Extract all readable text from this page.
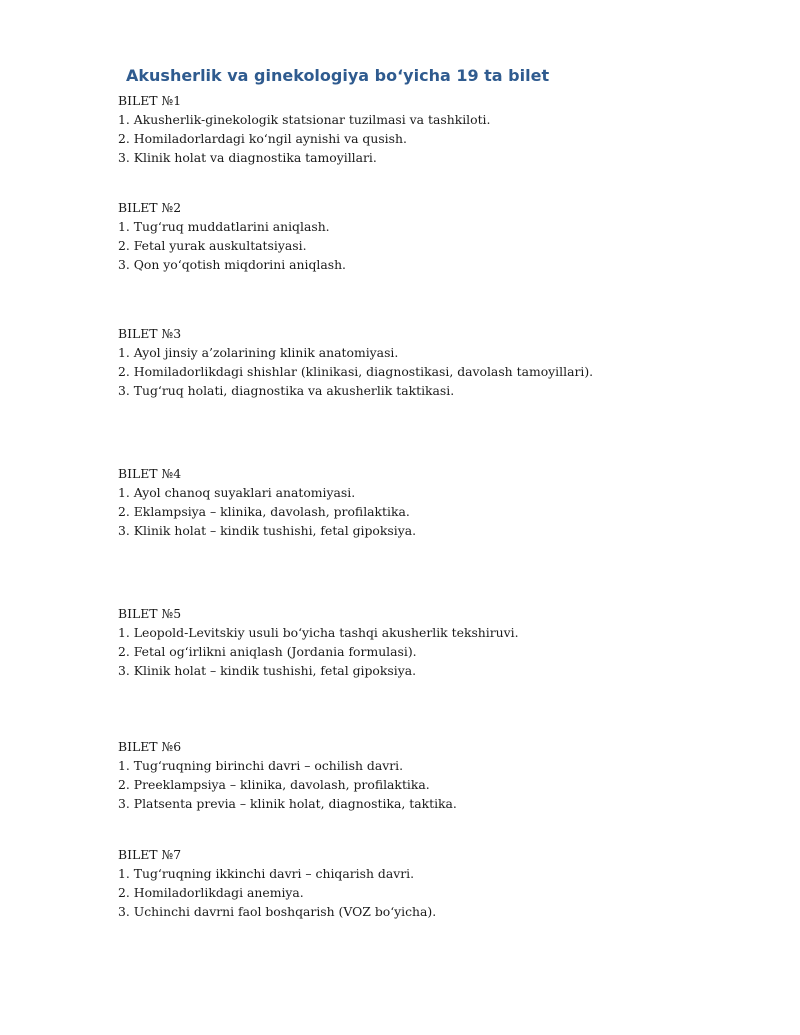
Akusherlik va ginekologiya bo‘yicha 19 ta bilet
BILET №1
1. Akusherlik-ginekologik statsionar tuzilmasi va tashkiloti.
2. Homiladorlardagi ko‘ngil aynishi va qusish.
3. Klinik holat va diagnostika tamoyillari.
BILET №2
1. Tug‘ruq muddatlarini aniqlash.
2. Fetal yurak auskultatsiyasi.
3. Qon yo‘qotish miqdorini aniqlash.
BILET №3
1. Ayol jinsiy a’zolarining klinik anatomiyasi.
2. Homiladorlikdagi shishlar (klinikasi, diagnostikasi, davolash tamoyillari).
3. Tug‘ruq holati, diagnostika va akusherlik taktikasi.
BILET №4
1. Ayol chanoq suyaklari anatomiyasi.
2. Eklampsiya – klinika, davolash, profilaktika.
3. Klinik holat – kindik tushishi, fetal gipoksiya.
BILET №5
1. Leopold-Levitskiy usuli bo‘yicha tashqi akusherlik tekshiruvi.
2. Fetal og‘irlikni aniqlash (Jordania formulasi).
3. Klinik holat – kindik tushishi, fetal gipoksiya.
BILET №6
1. Tug‘ruqning birinchi davri – ochilish davri.
2. Preeklampsiya – klinika, davolash, profilaktika.
3. Platsenta previa – klinik holat, diagnostika, taktika.
BILET №7
1. Tug‘ruqning ikkinchi davri – chiqarish davri.
2. Homiladorlikdagi anemiya.
3. Uchinchi davrni faol boshqarish (VOZ bo‘yicha).
